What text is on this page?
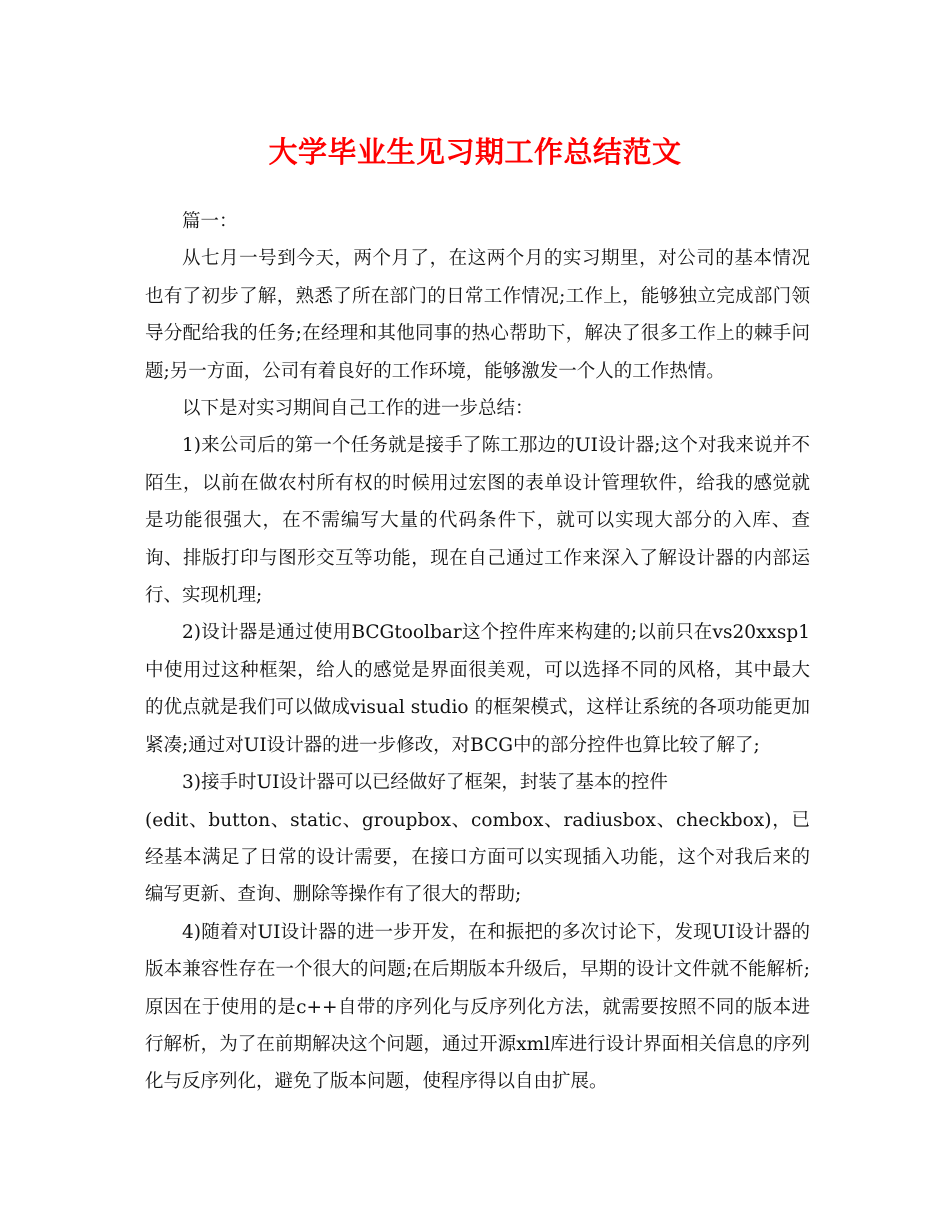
大学毕业生见习期工作总结范文

篇一：

从七月一号到今天，两个月了，在这两个月的实习期里，对公司的基本情况也有了初步了解，熟悉了所在部门的日常工作情况;工作上，能够独立完成部门领导分配给我的任务;在经理和其他同事的热心帮助下，解决了很多工作上的棘手问题;另一方面，公司有着良好的工作环境，能够激发一个人的工作热情。

以下是对实习期间自己工作的进一步总结：

1)来公司后的第一个任务就是接手了陈工那边的UI设计器;这个对我来说并不陌生，以前在做农村所有权的时候用过宏图的表单设计管理软件，给我的感觉就是功能很强大，在不需编写大量的代码条件下，就可以实现大部分的入库、查询、排版打印与图形交互等功能，现在自己通过工作来深入了解设计器的内部运行、实现机理;

2)设计器是通过使用BCGtoolbar这个控件库来构建的;以前只在vs20xxsp1中使用过这种框架，给人的感觉是界面很美观，可以选择不同的风格，其中最大的优点就是我们可以做成visual studio 的框架模式，这样让系统的各项功能更加紧凑;通过对UI设计器的进一步修改，对BCG中的部分控件也算比较了解了;

3)接手时UI设计器可以已经做好了框架，封装了基本的控件

(edit、button、static、groupbox、combox、radiusbox、checkbox)，已经基本满足了日常的设计需要，在接口方面可以实现插入功能，这个对我后来的编写更新、查询、删除等操作有了很大的帮助;

4)随着对UI设计器的进一步开发，在和振把的多次讨论下，发现UI设计器的版本兼容性存在一个很大的问题;在后期版本升级后，早期的设计文件就不能解析;原因在于使用的是c++自带的序列化与反序列化方法，就需要按照不同的版本进行解析，为了在前期解决这个问题，通过开源xml库进行设计界面相关信息的序列化与反序列化，避免了版本问题，使程序得以自由扩展。
